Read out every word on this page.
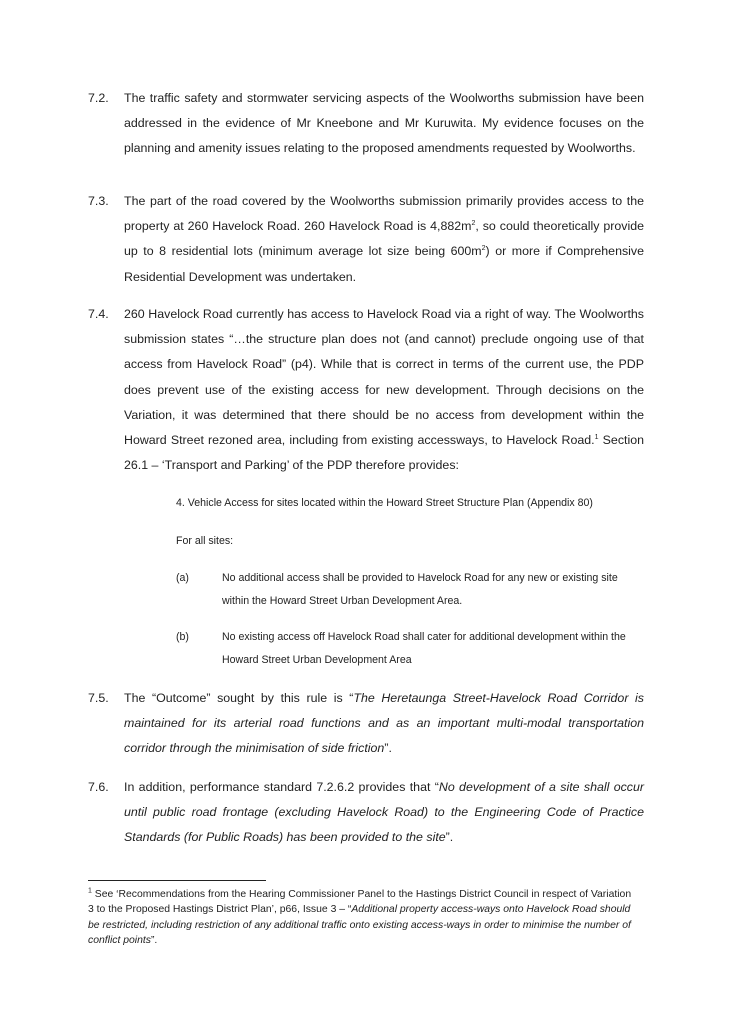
7.2. The traffic safety and stormwater servicing aspects of the Woolworths submission have been addressed in the evidence of Mr Kneebone and Mr Kuruwita. My evidence focuses on the planning and amenity issues relating to the proposed amendments requested by Woolworths.
7.3. The part of the road covered by the Woolworths submission primarily provides access to the property at 260 Havelock Road. 260 Havelock Road is $4,882m^2$, so could theoretically provide up to 8 residential lots (minimum average lot size being $600m^2$) or more if Comprehensive Residential Development was undertaken.
7.4. 260 Havelock Road currently has access to Havelock Road via a right of way. The Woolworths submission states “…the structure plan does not (and cannot) preclude ongoing use of that access from Havelock Road” (p4). While that is correct in terms of the current use, the PDP does prevent use of the existing access for new development. Through decisions on the Variation, it was determined that there should be no access from development within the Howard Street rezoned area, including from existing accessways, to Havelock Road.$^1$ Section 26.1 – ‘Transport and Parking’ of the PDP therefore provides:
4. Vehicle Access for sites located within the Howard Street Structure Plan (Appendix 80)
For all sites:
(a)	No additional access shall be provided to Havelock Road for any new or existing site within the Howard Street Urban Development Area.
(b)	No existing access off Havelock Road shall cater for additional development within the Howard Street Urban Development Area
7.5. The “Outcome” sought by this rule is “The Heretaunga Street-Havelock Road Corridor is maintained for its arterial road functions and as an important multi-modal transportation corridor through the minimisation of side friction”.
7.6. In addition, performance standard 7.2.6.2 provides that “No development of a site shall occur until public road frontage (excluding Havelock Road) to the Engineering Code of Practice Standards (for Public Roads) has been provided to the site”.
$^1$ See ‘Recommendations from the Hearing Commissioner Panel to the Hastings District Council in respect of Variation 3 to the Proposed Hastings District Plan’, p66, Issue 3 – “Additional property access-ways onto Havelock Road should be restricted, including restriction of any additional traffic onto existing access-ways in order to minimise the number of conflict points”.
